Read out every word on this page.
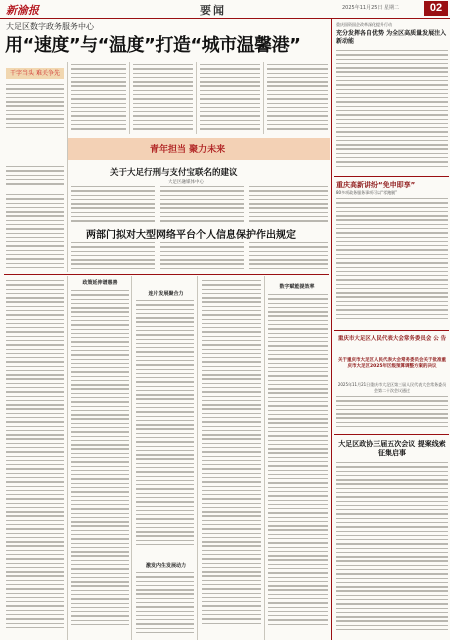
新渝报	要闻	2025年11月25日 星期二	02
大足区数字政务服务中心
用“速度”与“温度”打造“城市温馨港”
干字当头 难关争先
青年担当 聚力未来
关于大足行刑与支付宝联名的建议
大足区融媒体中心
两部门拟对大型网络平台个人信息保护作出规定
政策延伸谱惠善
连片发展聚合力
数字赋能提效率
激发内生发展动力
重庆国资国企改革深化提升行动
充分发挥各自优势 为全区高质量发展注入新动能
重庆高新讲纷“免申即享”
80多项政务服务事项可以“零跑腿”
重庆市大足区人民代表大会常务委员会 公 告
关于重庆市大足区人民代表大会常务委员会关于批准重庆市大足区2025年区级预算调整方案的决议
2025年11月21日重庆市大足区第三届人民代表大会常务委员会第二十次会议通过
大足区政协三届五次会议 提案线索征集启事
